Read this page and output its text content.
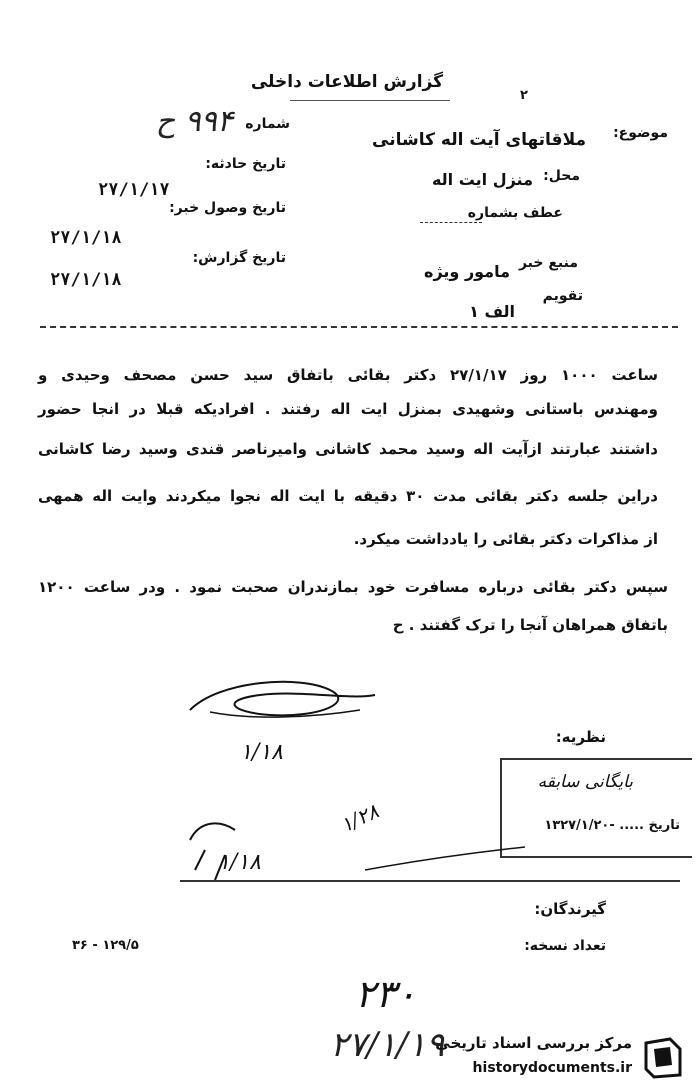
۲
گزارش اطلاعات داخلی
موضوع:
ملاقاتهای آیت اله کاشانی
محل:
منزل ایت اله
عطف بشماره
منبع خبر
مامور ویژه
تقویم
الف ۱
شماره
۹۹۴ ح
تاریخ حادثه:
۲۷/۱/۱۷
تاریخ وصول خبر:
۲۷/۱/۱۸
تاریخ گزارش:
۲۷/۱/۱۸
ساعت ۱۰۰۰ روز ۲۷/۱/۱۷ دکتر بقائی باتفاق سید حسن مصحف وحیدی و
ومهندس باستانی وشهیدی بمنزل ایت اله رفتند . افرادیکه قبلا در انجا حضور
داشتند عبارتند ازآیت اله وسید محمد کاشانی وامیرناصر قندی وسید رضا کاشانی
دراین جلسه دکتر بقائی مدت ۳۰ دقیقه با ایت اله نجوا میکردند وایت اله همهی
از مذاکرات دکتر بقائی را یادداشت میکرد.
سپس دکتر بقائی درباره مسافرت خود بمازندران صحبت نمود . ودر ساعت ۱۲۰۰
باتفاق همراهان آنجا را ترک گفتند . ح
نظریه:
۱/۱۸
بایگانی سابقه
تاریخ ..... -۱۳۲۷/۱/۲۰
۱/۲۸
۱/۱۸
گیرندگان:
تعداد نسخه:
۳۶ - ۱۲۹/۵
۲۳۰
۲۷/۱/۱۹
مرکز بررسی اسناد تاریخی
historydocuments.ir
